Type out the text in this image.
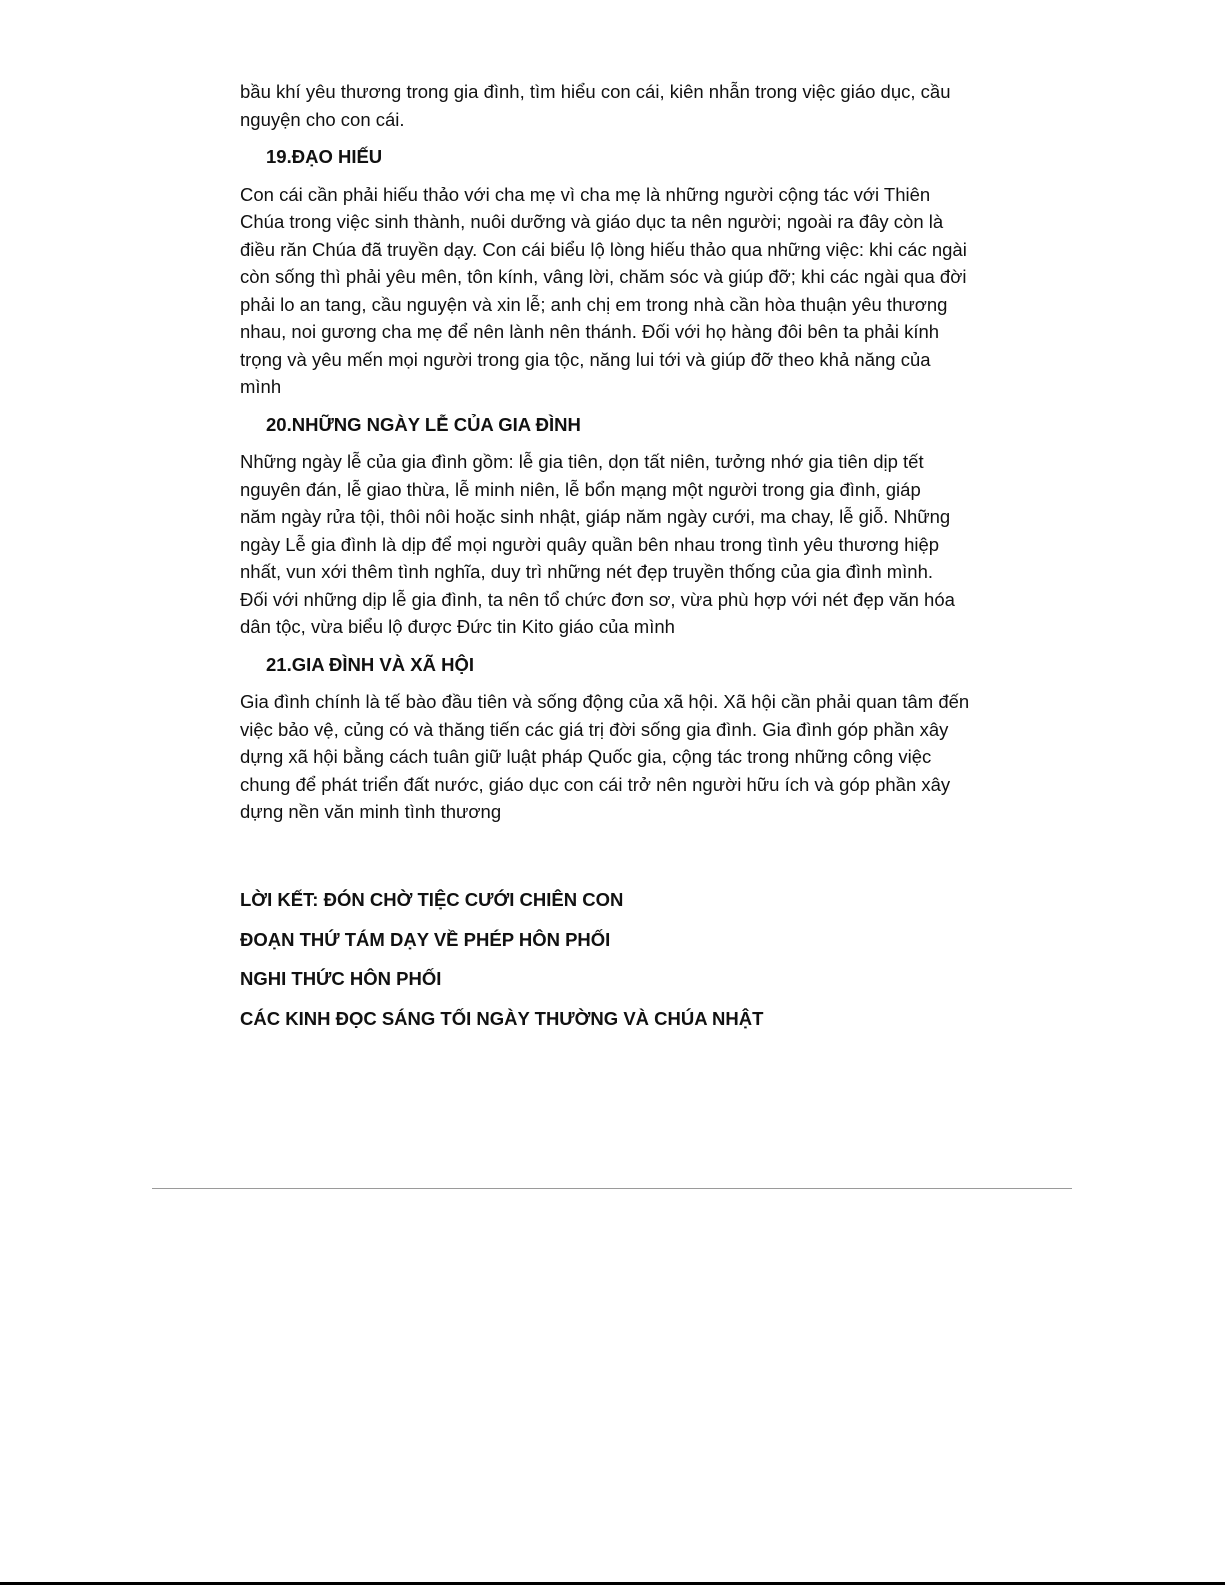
bầu khí yêu thương trong gia đình, tìm hiểu con cái, kiên nhẫn trong việc giáo dục, cầu
nguyện cho con cái.

19.ĐẠO HIẾU

Con cái cần phải hiếu thảo với cha mẹ vì cha mẹ là những người cộng tác với Thiên
Chúa trong việc sinh thành, nuôi dưỡng và giáo dục ta nên người; ngoài ra đây còn là
điều răn Chúa đã truyền dạy. Con cái biểu lộ lòng hiếu thảo qua những việc: khi các ngài
còn sống thì phải yêu mên, tôn kính, vâng lời, chăm sóc và giúp đỡ; khi các ngài qua đời
phải lo an tang, cầu nguyện và xin lễ; anh chị em trong nhà cần hòa thuận yêu thương
nhau, noi gương cha mẹ để nên lành nên thánh. Đối với họ hàng đôi bên ta phải kính
trọng và yêu mến mọi người trong gia tộc, năng lui tới và giúp đỡ theo khả năng của
mình

20.NHỮNG NGÀY LỄ CỦA GIA ĐÌNH

Những ngày lễ của gia đình gồm: lễ gia tiên, dọn tất niên, tưởng nhớ gia tiên dịp tết
nguyên đán, lễ giao thừa, lễ minh niên, lễ bổn mạng một người trong gia đình, giáp
năm ngày rửa tội, thôi nôi hoặc sinh nhật, giáp năm ngày cưới, ma chay, lễ giỗ. Những
ngày Lễ gia đình là dịp để mọi người quây quần bên nhau trong tình yêu thương hiệp
nhất, vun xới thêm tình nghĩa, duy trì những nét đẹp truyền thống của gia đình mình.
Đối với những dịp lễ gia đình, ta nên tổ chức đơn sơ, vừa phù hợp với nét đẹp văn hóa
dân tộc, vừa biểu lộ được Đức tin Kito giáo của mình

21.GIA ĐÌNH VÀ XÃ HỘI

Gia đình chính là tế bào đầu tiên và sống động của xã hội. Xã hội cần phải quan tâm đến
việc bảo vệ, củng có và thăng tiến các giá trị đời sống gia đình. Gia đình góp phần xây
dựng xã hội bằng cách tuân giữ luật pháp Quốc gia, cộng tác trong những công việc
chung để phát triển đất nước, giáo dục con cái trở nên người hữu ích và góp phần xây
dựng nền văn minh tình thương

LỜI KẾT: ĐÓN CHỜ TIỆC CƯỚI CHIÊN CON
ĐOẠN THỨ TÁM DẠY VỀ PHÉP HÔN PHỐI
NGHI THỨC HÔN PHỐI
CÁC KINH ĐỌC SÁNG TỐI NGÀY THƯỜNG VÀ CHÚA NHẬT
